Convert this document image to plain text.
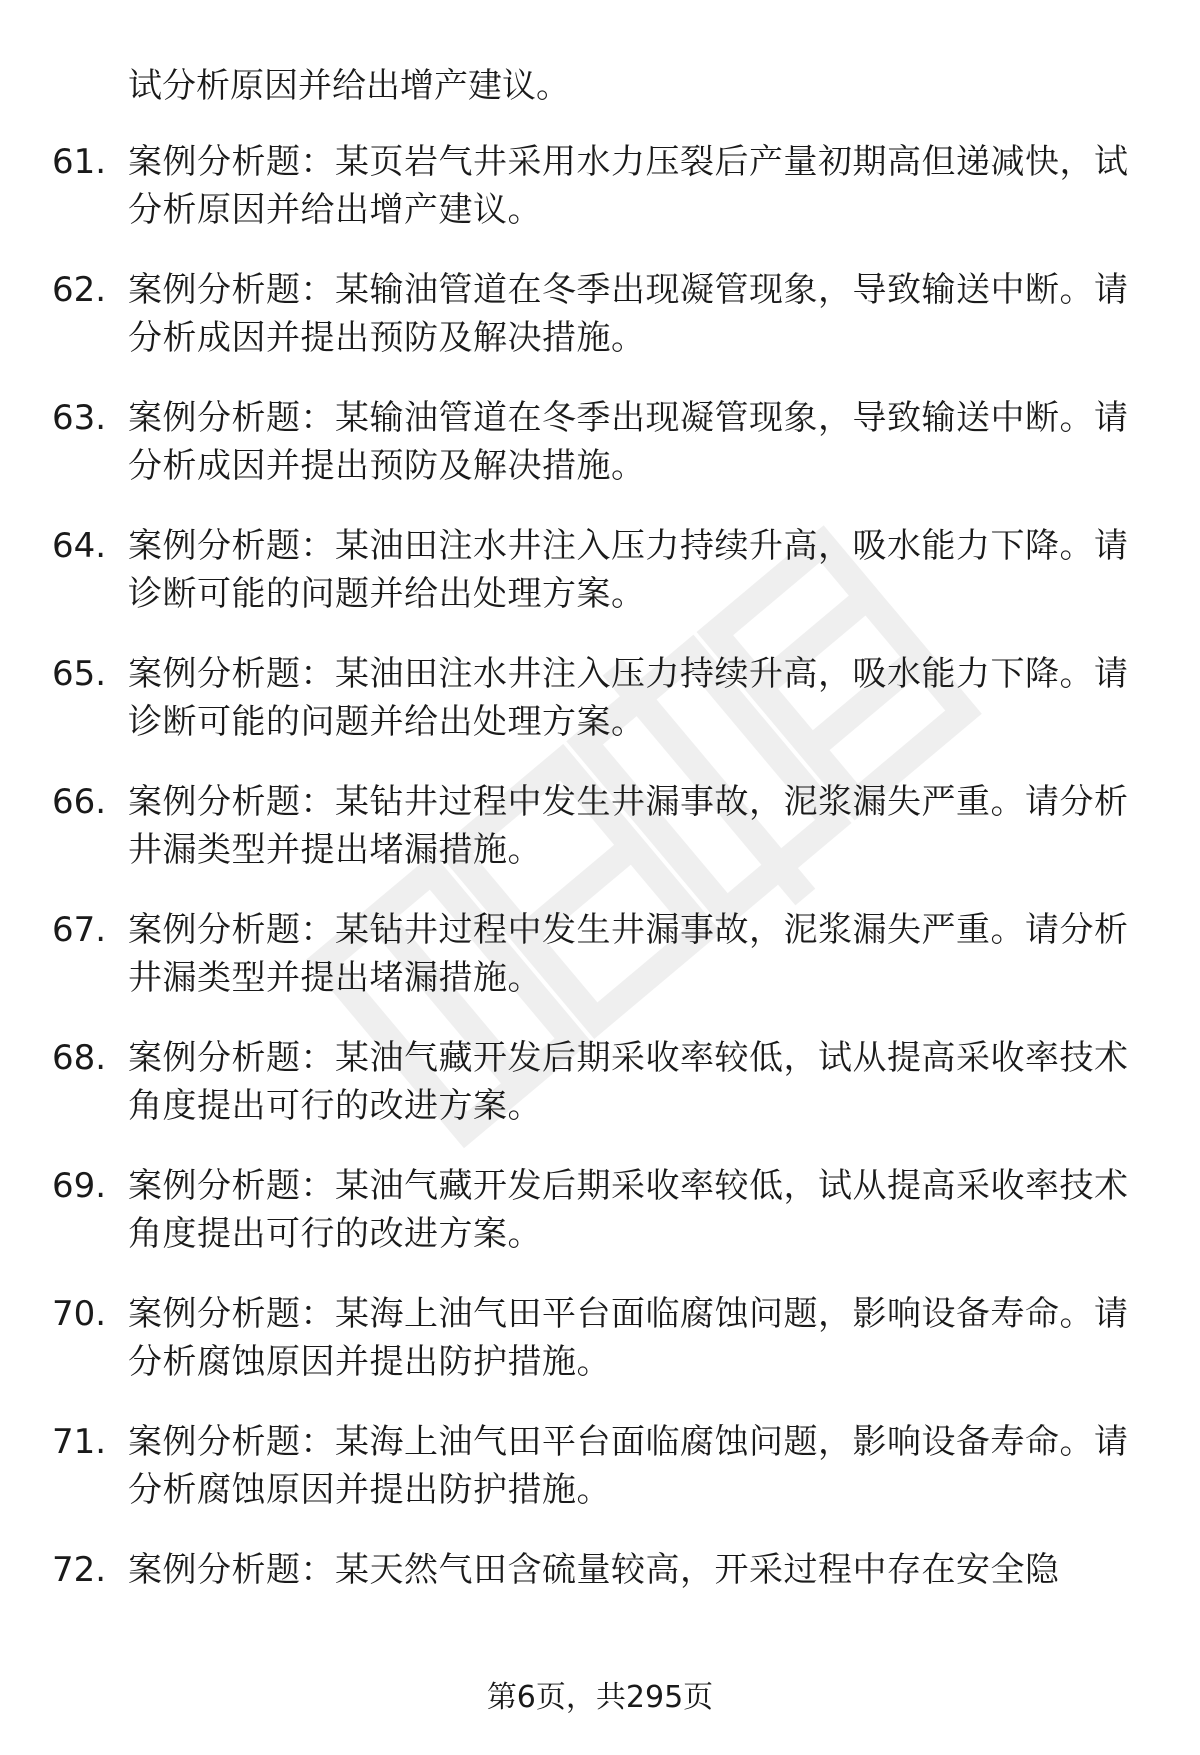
试分析原因并给出增产建议。
61. 案例分析题：某页岩气井采用水力压裂后产量初期高但递减快，试分析原因并给出增产建议。
62. 案例分析题：某输油管道在冬季出现凝管现象，导致输送中断。请分析成因并提出预防及解决措施。
63. 案例分析题：某输油管道在冬季出现凝管现象，导致输送中断。请分析成因并提出预防及解决措施。
64. 案例分析题：某油田注水井注入压力持续升高，吸水能力下降。请诊断可能的问题并给出处理方案。
65. 案例分析题：某油田注水井注入压力持续升高，吸水能力下降。请诊断可能的问题并给出处理方案。
66. 案例分析题：某钻井过程中发生井漏事故，泥浆漏失严重。请分析井漏类型并提出堵漏措施。
67. 案例分析题：某钻井过程中发生井漏事故，泥浆漏失严重。请分析井漏类型并提出堵漏措施。
68. 案例分析题：某油气藏开发后期采收率较低，试从提高采收率技术角度提出可行的改进方案。
69. 案例分析题：某油气藏开发后期采收率较低，试从提高采收率技术角度提出可行的改进方案。
70. 案例分析题：某海上油气田平台面临腐蚀问题，影响设备寿命。请分析腐蚀原因并提出防护措施。
71. 案例分析题：某海上油气田平台面临腐蚀问题，影响设备寿命。请分析腐蚀原因并提出防护措施。
72. 案例分析题：某天然气田含硫量较高，开采过程中存在安全隐
第6页，共295页
